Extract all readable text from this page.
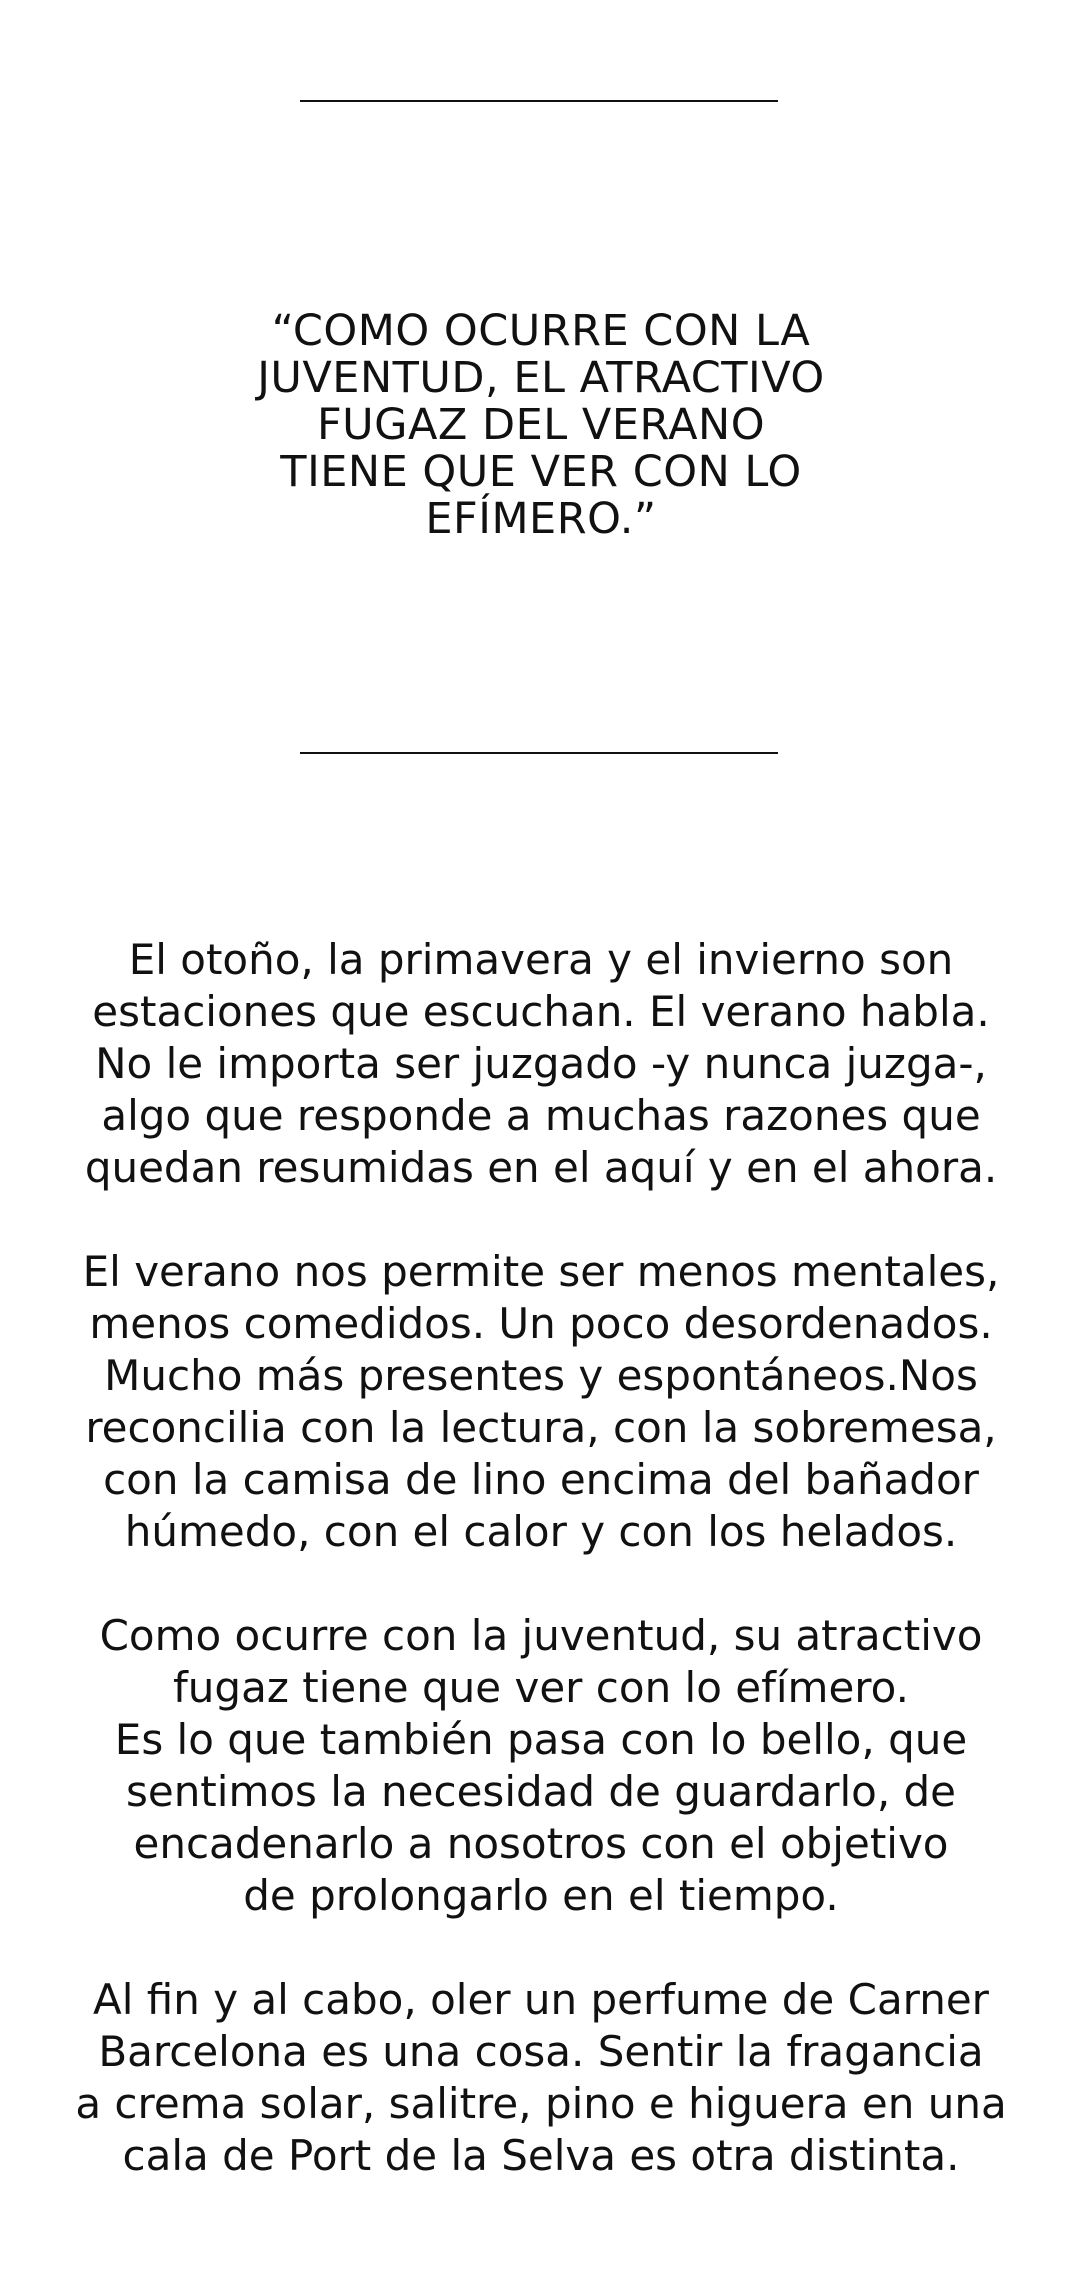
“COMO OCURRE CON LA
JUVENTUD, EL ATRACTIVO
FUGAZ DEL VERANO
TIENE QUE VER CON LO
EFÍMERO.”

El otoño, la primavera y el invierno son
estaciones que escuchan. El verano habla.
No le importa ser juzgado -y nunca juzga-,
algo que responde a muchas razones que
quedan resumidas en el aquí y en el ahora.

El verano nos permite ser menos mentales,
menos comedidos. Un poco desordenados.
Mucho más presentes y espontáneos.Nos
reconcilia con la lectura, con la sobremesa,
con la camisa de lino encima del bañador
húmedo, con el calor y con los helados.

Como ocurre con la juventud, su atractivo
fugaz tiene que ver con lo efímero.
Es lo que también pasa con lo bello, que
sentimos la necesidad de guardarlo, de
encadenarlo a nosotros con el objetivo
de prolongarlo en el tiempo.

Al fin y al cabo, oler un perfume de Carner
Barcelona es una cosa. Sentir la fragancia
a crema solar, salitre, pino e higuera en una
cala de Port de la Selva es otra distinta.
